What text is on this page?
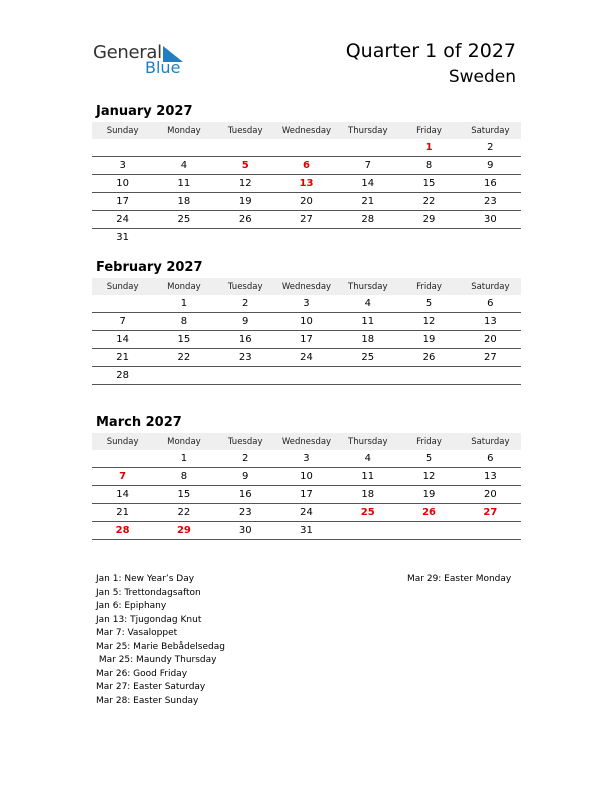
General
Blue
Quarter 1 of 2027
Sweden
January 2027
Sunday	Monday	Tuesday	Wednesday	Thursday	Friday	Saturday
					1	2
3	4	5	6	7	8	9
10	11	12	13	14	15	16
17	18	19	20	21	22	23
24	25	26	27	28	29	30
31						
February 2027
Sunday	Monday	Tuesday	Wednesday	Thursday	Friday	Saturday
	1	2	3	4	5	6
7	8	9	10	11	12	13
14	15	16	17	18	19	20
21	22	23	24	25	26	27
28						
March 2027
Sunday	Monday	Tuesday	Wednesday	Thursday	Friday	Saturday
	1	2	3	4	5	6
7	8	9	10	11	12	13
14	15	16	17	18	19	20
21	22	23	24	25	26	27
28	29	30	31			
Jan 1: New Year’s Day
Jan 5: Trettondagsafton
Jan 6: Epiphany
Jan 13: Tjugondag Knut
Mar 7: Vasaloppet
Mar 25: Marie Bebådelsedag
Mar 25: Maundy Thursday
Mar 26: Good Friday
Mar 27: Easter Saturday
Mar 28: Easter Sunday
Mar 29: Easter Monday
